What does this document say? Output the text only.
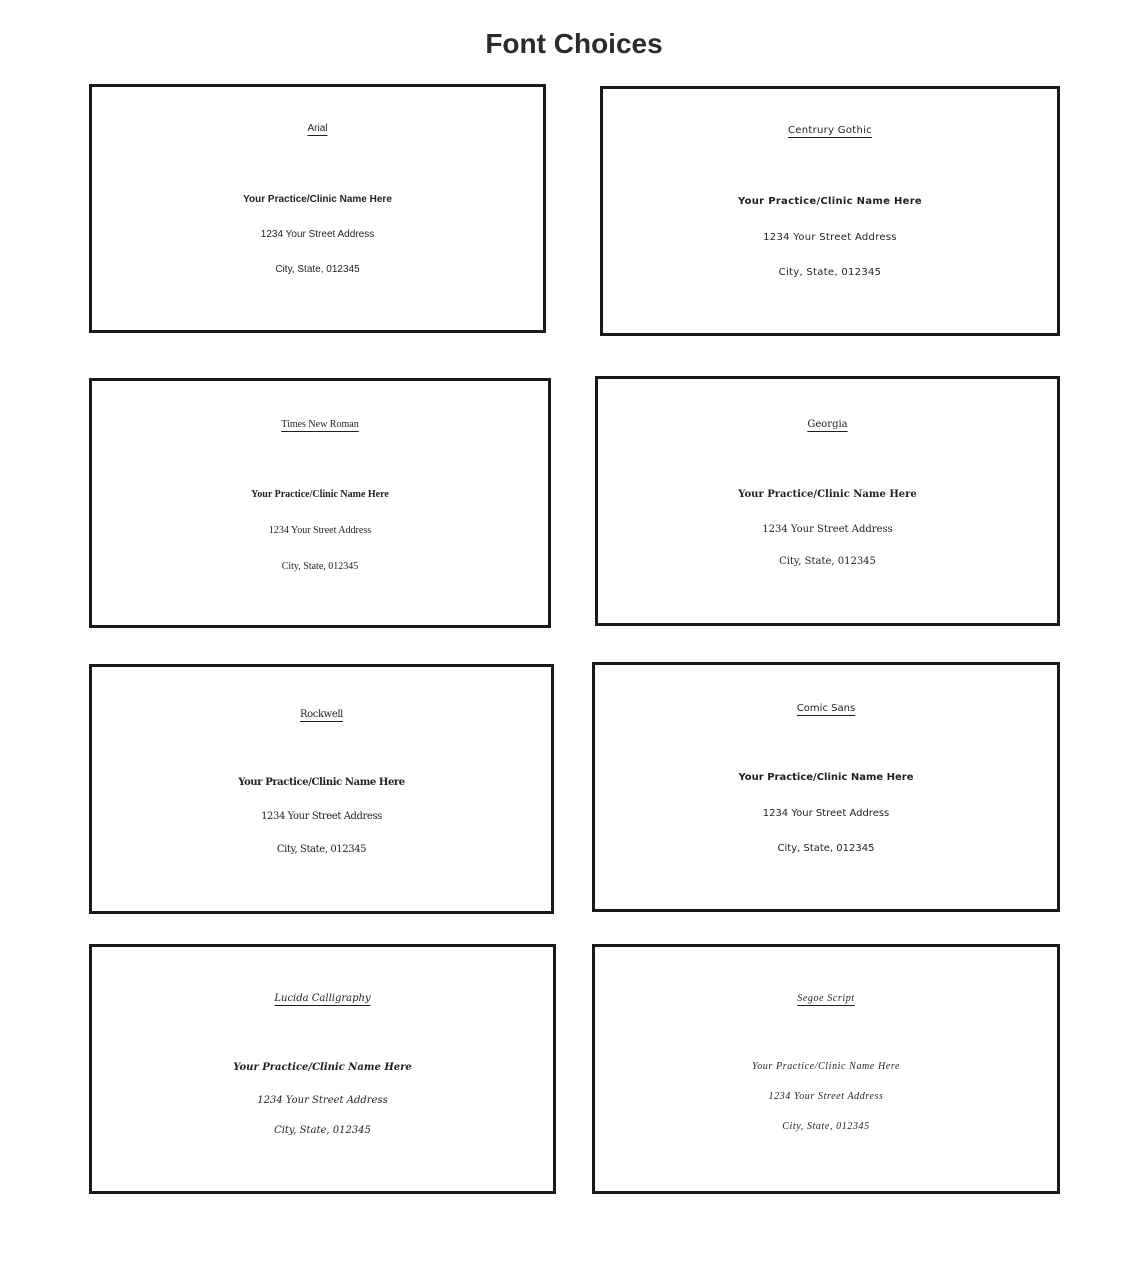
Font Choices
Arial
Your Practice/Clinic Name Here
1234 Your Street Address
City, State, 012345
Centrury Gothic
Your Practice/Clinic Name Here
1234 Your Street Address
City, State, 012345
Times New Roman
Your Practice/Clinic Name Here
1234 Your Street Address
City, State, 012345
Georgia
Your Practice/Clinic Name Here
1234 Your Street Address
City, State, 012345
Rockwell
Your Practice/Clinic Name Here
1234 Your Street Address
City, State, 012345
Comic Sans
Your Practice/Clinic Name Here
1234 Your Street Address
City, State, 012345
Lucida Calligraphy
Your Practice/Clinic Name Here
1234 Your Street Address
City, State, 012345
Segoe Script
Your Practice/Clinic Name Here
1234 Your Street Address
City, State, 012345
